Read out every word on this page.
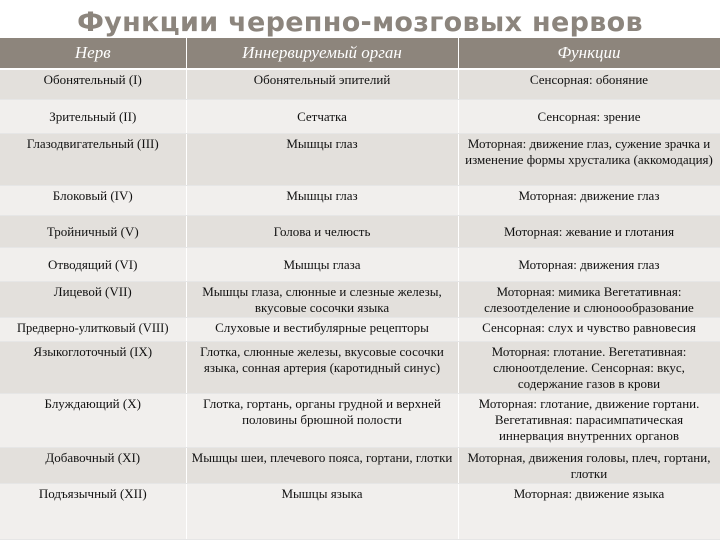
Функции черепно-мозговых нервов
Нерв	Иннервируемый орган	Функции
Обонятельный (I)	Обонятельный эпителий	Сенсорная: обоняние
Зрительный (II)	Сетчатка	Сенсорная: зрение
Глазодвигательный (III)	Мышцы глаз	Моторная: движение глаз, сужение зрачка и изменение формы хрусталика (аккомодация)
Блоковый (IV)	Мышцы глаз	Моторная: движение глаз
Тройничный (V)	Голова и челюсть	Моторная: жевание и глотания
Отводящий (VI)	Мышцы глаза	Моторная: движения глаз
Лицевой (VII)	Мышцы глаза, слюнные и слезные железы, вкусовые сосочки языка	Моторная: мимика Вегетативная: слезоотделение и слюноообразование
Предверно-улитковый (VIII)	Слуховые и вестибулярные рецепторы	Сенсорная: слух и чувство равновесия
Языкоглоточный (IX)	Глотка, слюнные железы, вкусовые сосочки языка, сонная артерия (каротидный синус)	Моторная: глотание. Вегетативная: слюноотделение. Сенсорная: вкус, содержание газов в крови
Блуждающий (X)	Глотка, гортань, органы грудной и верхней половины брюшной полости	Моторная: глотание, движение гортани. Вегетативная: парасимпатическая иннервация внутренних органов
Добавочный (XI)	Мышцы шеи, плечевого пояса, гортани, глотки	Моторная, движения головы, плеч, гортани, глотки
Подъязычный (XII)	Мышцы языка	Моторная: движение языка
